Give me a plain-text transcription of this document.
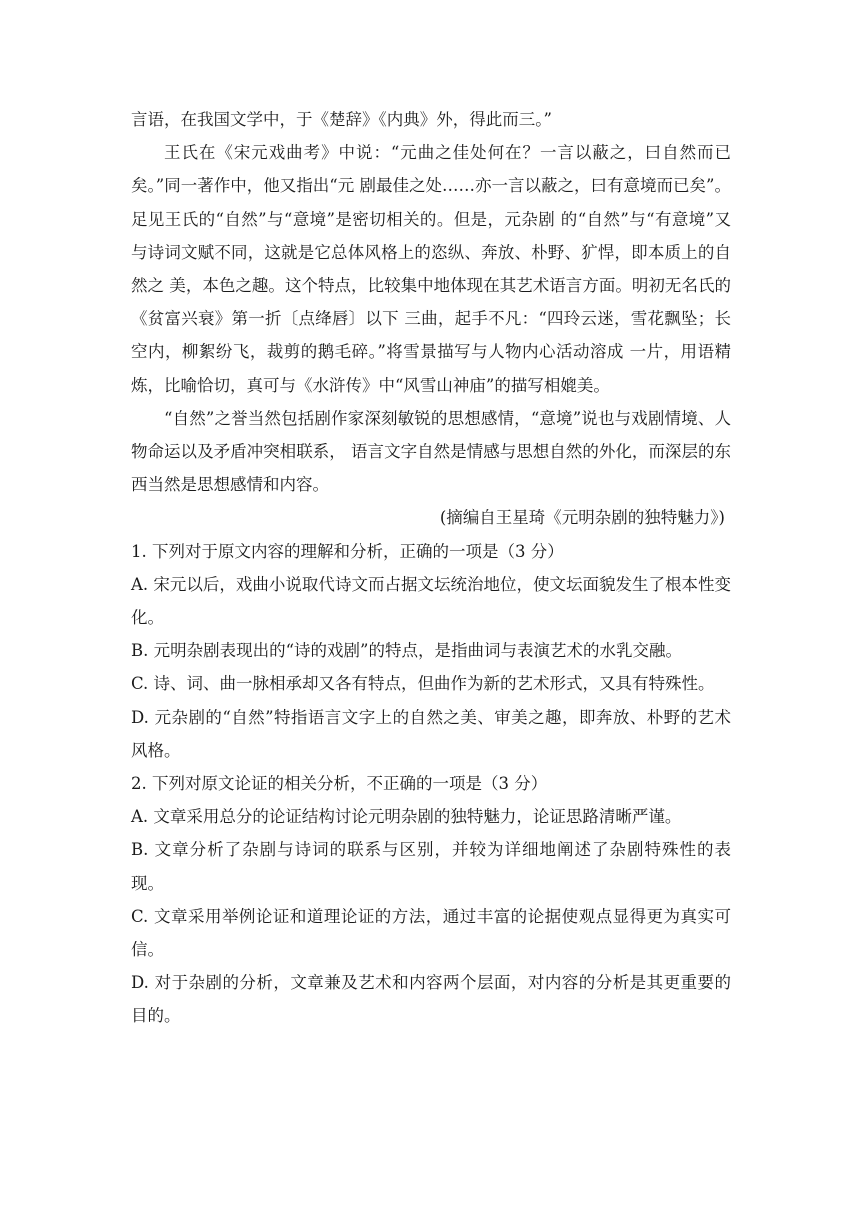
言语，在我国文学中，于《楚辞》《内典》外，得此而三。”

王氏在《宋元戏曲考》中说：“元曲之佳处何在？一言以蔽之，曰自然而已矣。”同一著作中，他又指出“元 剧最佳之处……亦一言以蔽之，曰有意境而已矣”。足见王氏的“自然”与“意境”是密切相关的。但是，元杂剧 的“自然”与“有意境”又与诗词文赋不同，这就是它总体风格上的恣纵、奔放、朴野、犷悍，即本质上的自然之 美，本色之趣。这个特点，比较集中地体现在其艺术语言方面。明初无名氏的《贫富兴衰》第一折〔点绛唇〕以下 三曲，起手不凡：“四玲云迷，雪花飘坠；长空内，柳絮纷飞，裁剪的鹅毛碎。”将雪景描写与人物内心活动溶成 一片，用语精炼，比喻恰切，真可与《水浒传》中“风雪山神庙”的描写相媲美。

“自然”之誉当然包括剧作家深刻敏锐的思想感情，“意境”说也与戏剧情境、人物命运以及矛盾冲突相联系， 语言文字自然是情感与思想自然的外化，而深层的东西当然是思想感情和内容。

(摘编自王星琦《元明杂剧的独特魅力》)

1. 下列对于原文内容的理解和分析，正确的一项是（3 分）

A. 宋元以后，戏曲小说取代诗文而占据文坛统治地位，使文坛面貌发生了根本性变化。

B. 元明杂剧表现出的“诗的戏剧”的特点，是指曲词与表演艺术的水乳交融。

C. 诗、词、曲一脉相承却又各有特点，但曲作为新的艺术形式，又具有特殊性。

D. 元杂剧的“自然”特指语言文字上的自然之美、审美之趣，即奔放、朴野的艺术风格。

2. 下列对原文论证的相关分析，不正确的一项是（3 分）

A. 文章采用总分的论证结构讨论元明杂剧的独特魅力，论证思路清晰严谨。

B. 文章分析了杂剧与诗词的联系与区别，并较为详细地阐述了杂剧特殊性的表现。

C. 文章采用举例论证和道理论证的方法，通过丰富的论据使观点显得更为真实可信。

D. 对于杂剧的分析，文章兼及艺术和内容两个层面，对内容的分析是其更重要的目的。
